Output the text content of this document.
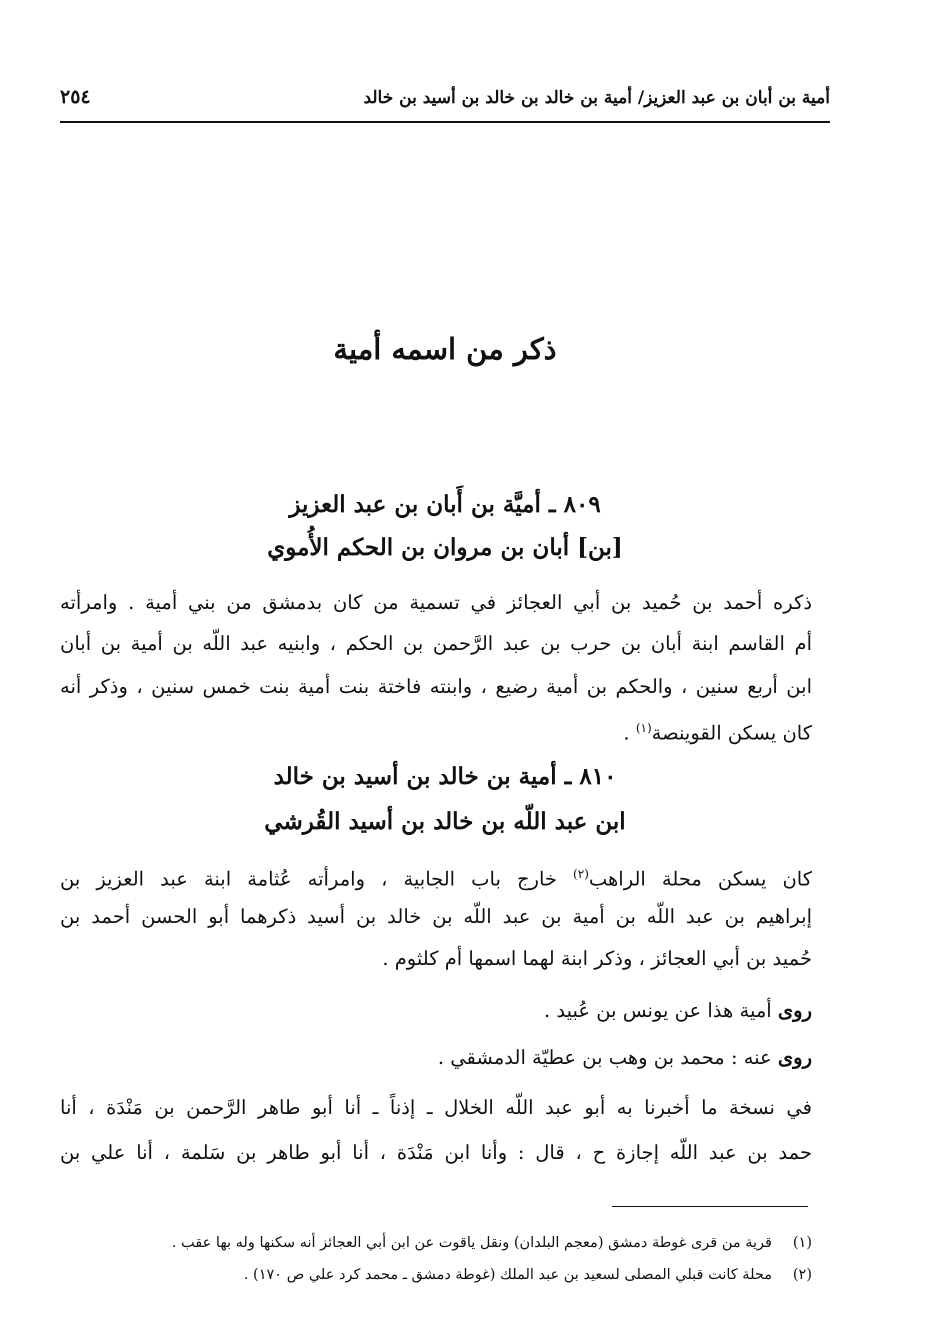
أمية بن أبان بن عبد العزيز/ أمية بن خالد بن خالد بن أسيد بن خالد
٢٥٤
ذكر من اسمه أمية
٨٠٩ ـ أميَّة بن أَبان بن عبد العزيز
[بن] أبان بن مروان بن الحكم الأُموي
ذكره أحمد بن حُميد بن أبي العجائز في تسمية من كان بدمشق من بني أمية . وامرأته
أم القاسم ابنة أبان بن حرب بن عبد الرَّحمن بن الحكم ، وابنيه عبد اللّه بن أمية بن أبان
ابن أربع سنين ، والحكم بن أمية رضيع ، وابنته فاختة بنت أمية بنت خمس سنين ، وذكر أنه
كان يسكن القوينصة$^{(١)}$ .
٨١٠ ـ أمية بن خالد بن أسيد بن خالد
ابن عبد اللّه بن خالد بن أسيد القُرشي
كان يسكن محلة الراهب$^{(٢)}$ خارج باب الجابية ، وامرأته عُثامة ابنة عبد العزيز بن
إبراهيم بن عبد اللّه بن أمية بن عبد اللّه بن خالد بن أسيد ذكرهما أبو الحسن أحمد بن
حُميد بن أبي العجائز ، وذكر ابنة لهما اسمها أم كلثوم .
روى أمية هذا عن يونس بن عُبيد .
روى عنه : محمد بن وهب بن عطيّة الدمشقي .
في نسخة ما أخبرنا به أبو عبد اللّه الخلال ـ إذناً ـ أنا أبو طاهر الرَّحمن بن مَنْدَة ، أنا
حمد بن عبد اللّه إجازة ح ، قال : وأنا ابن مَنْدَة ، أنا أبو طاهر بن سَلمة ، أنا علي بن
(١)قرية من قرى غوطة دمشق (معجم البلدان) ونقل ياقوت عن ابن أبي العجائز أنه سكنها وله بها عقب .
(٢)محلة كانت قبلي المصلى لسعيد بن عبد الملك (غوطة دمشق ـ محمد كرد علي ص ١٧٠) .
